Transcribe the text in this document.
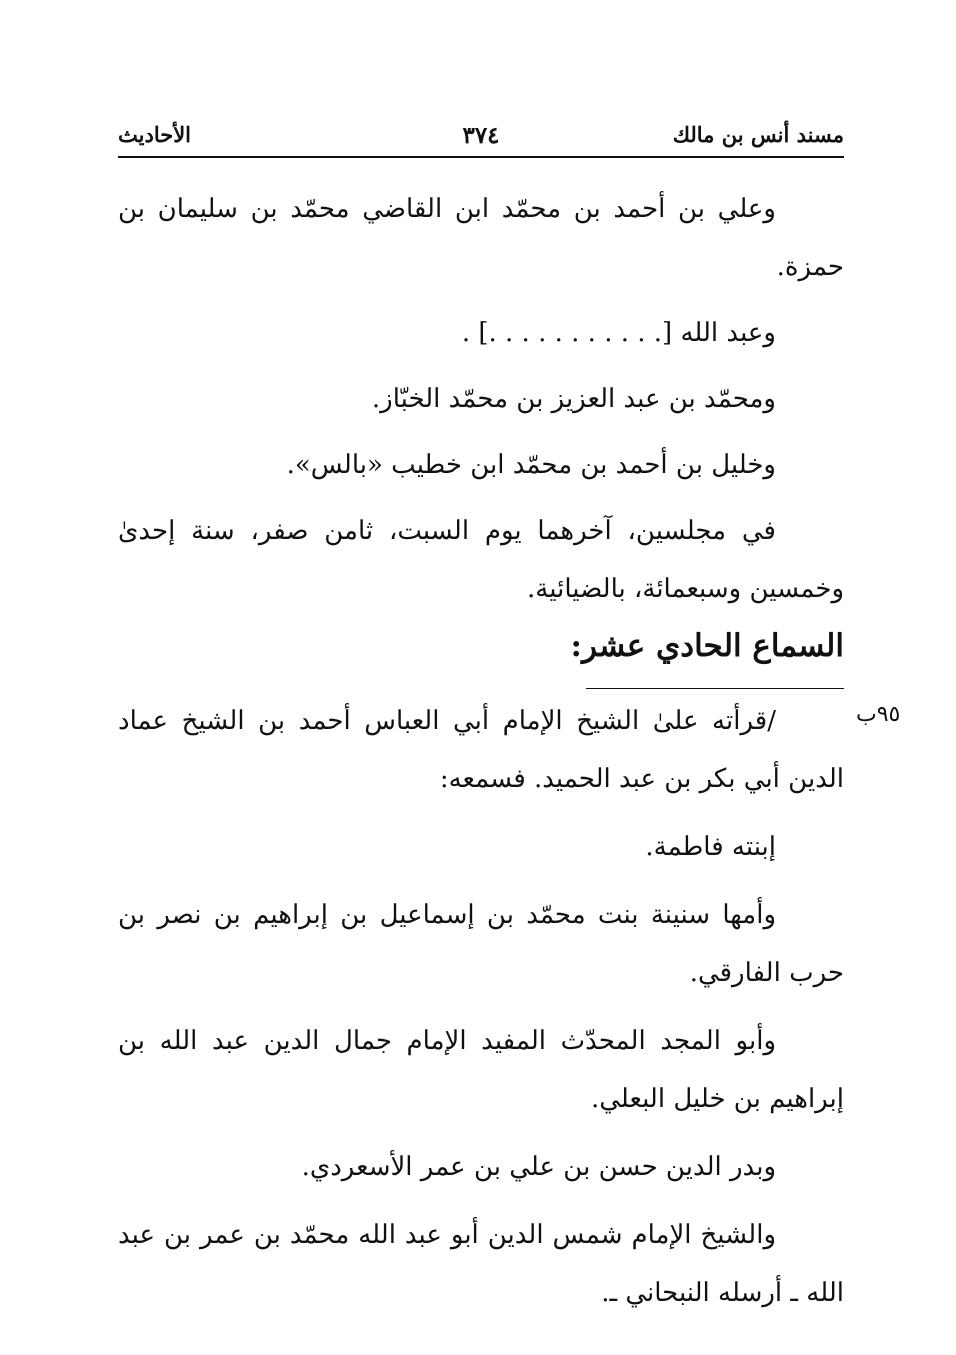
مسند أنس بن مالك
٣٧٤
الأحاديث

وعلي بن أحمد بن محمّد ابن القاضي محمّد بن سليمان بن حمزة.

وعبد الله [. . . . . . . . . . .] .

ومحمّد بن عبد العزيز بن محمّد الخبّاز.

وخليل بن أحمد بن محمّد ابن خطيب «بالس».

في مجلسين، آخرهما يوم السبت، ثامن صفر، سنة إحدىٰ وخمسين وسبعمائة، بالضيائية.

السماع الحادي عشر:
٩٥ب

/قرأته علىٰ الشيخ الإمام أبي العباس أحمد بن الشيخ عماد الدين أبي بكر بن عبد الحميد. فسمعه:

إبنته فاطمة.

وأمها سنينة بنت محمّد بن إسماعيل بن إبراهيم بن نصر بن حرب الفارقي.

وأبو المجد المحدّث المفيد الإمام جمال الدين عبد الله بن إبراهيم بن خليل البعلي.

وبدر الدين حسن بن علي بن عمر الأسعردي.

والشيخ الإمام شمس الدين أبو عبد الله محمّد بن عمر بن عبد الله ـ أرسله النبحاني ـ.
